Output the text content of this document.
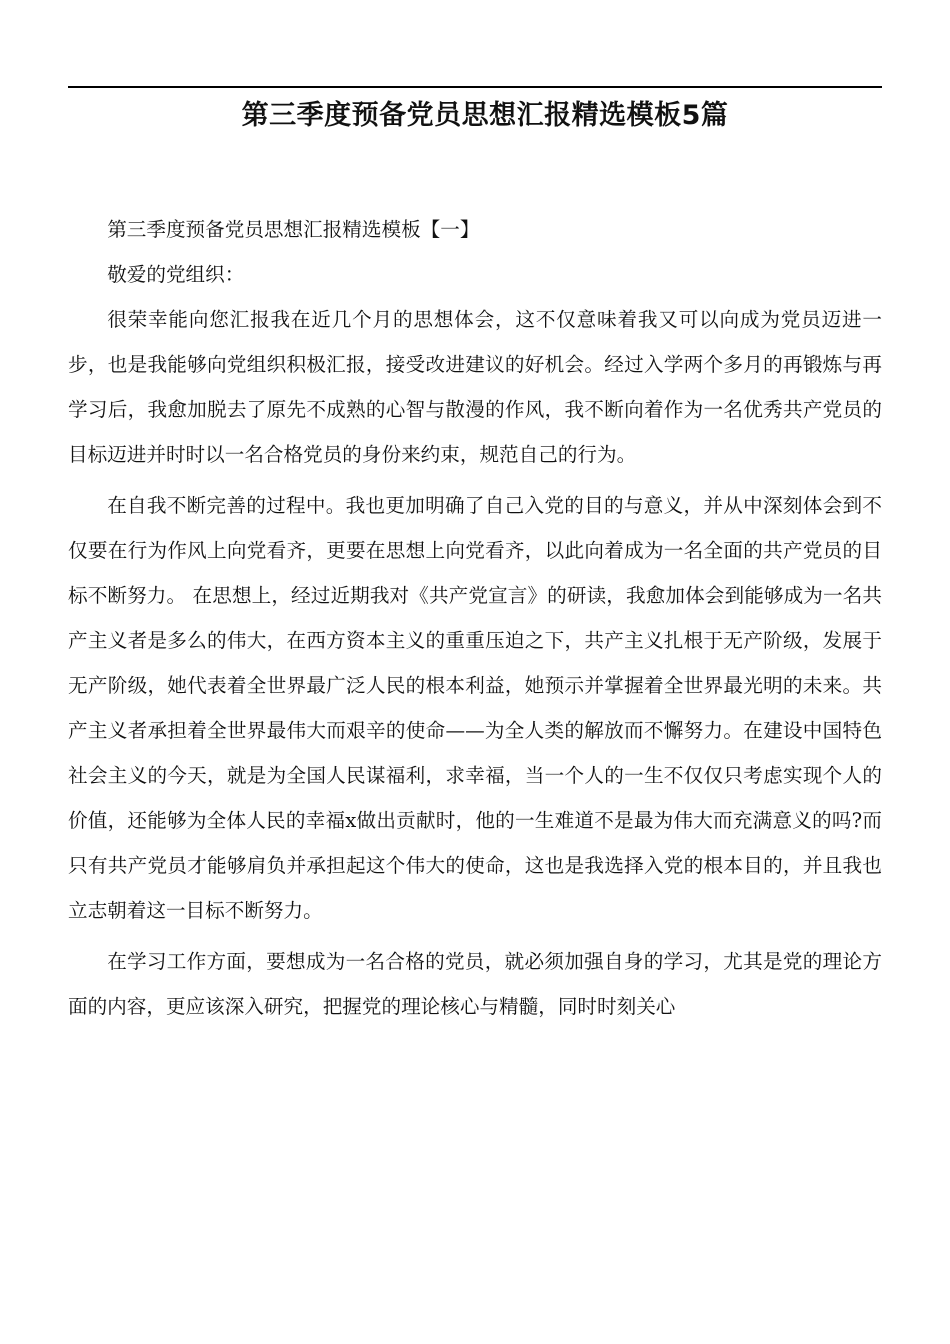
第三季度预备党员思想汇报精选模板5篇

第三季度预备党员思想汇报精选模板【一】

敬爱的党组织：

很荣幸能向您汇报我在近几个月的思想体会，这不仅意味着我又可以向成为党员迈进一步，也是我能够向党组织积极汇报，接受改进建议的好机会。经过入学两个多月的再锻炼与再学习后，我愈加脱去了原先不成熟的心智与散漫的作风，我不断向着作为一名优秀共产党员的目标迈进并时时以一名合格党员的身份来约束，规范自己的行为。

在自我不断完善的过程中。我也更加明确了自己入党的目的与意义，并从中深刻体会到不仅要在行为作风上向党看齐，更要在思想上向党看齐，以此向着成为一名全面的共产党员的目标不断努力。 在思想上，经过近期我对《共产党宣言》的研读，我愈加体会到能够成为一名共产主义者是多么的伟大，在西方资本主义的重重压迫之下，共产主义扎根于无产阶级，发展于无产阶级，她代表着全世界最广泛人民的根本利益，她预示并掌握着全世界最光明的未来。共产主义者承担着全世界最伟大而艰辛的使命——为全人类的解放而不懈努力。在建设中国特色社会主义的今天，就是为全国人民谋福利，求幸福，当一个人的一生不仅仅只考虑实现个人的价值，还能够为全体人民的幸福x做出贡献时，他的一生难道不是最为伟大而充满意义的吗?而只有共产党员才能够肩负并承担起这个伟大的使命，这也是我选择入党的根本目的，并且我也立志朝着这一目标不断努力。

在学习工作方面，要想成为一名合格的党员，就必须加强自身的学习，尤其是党的理论方面的内容，更应该深入研究，把握党的理论核心与精髓，同时时刻关心
